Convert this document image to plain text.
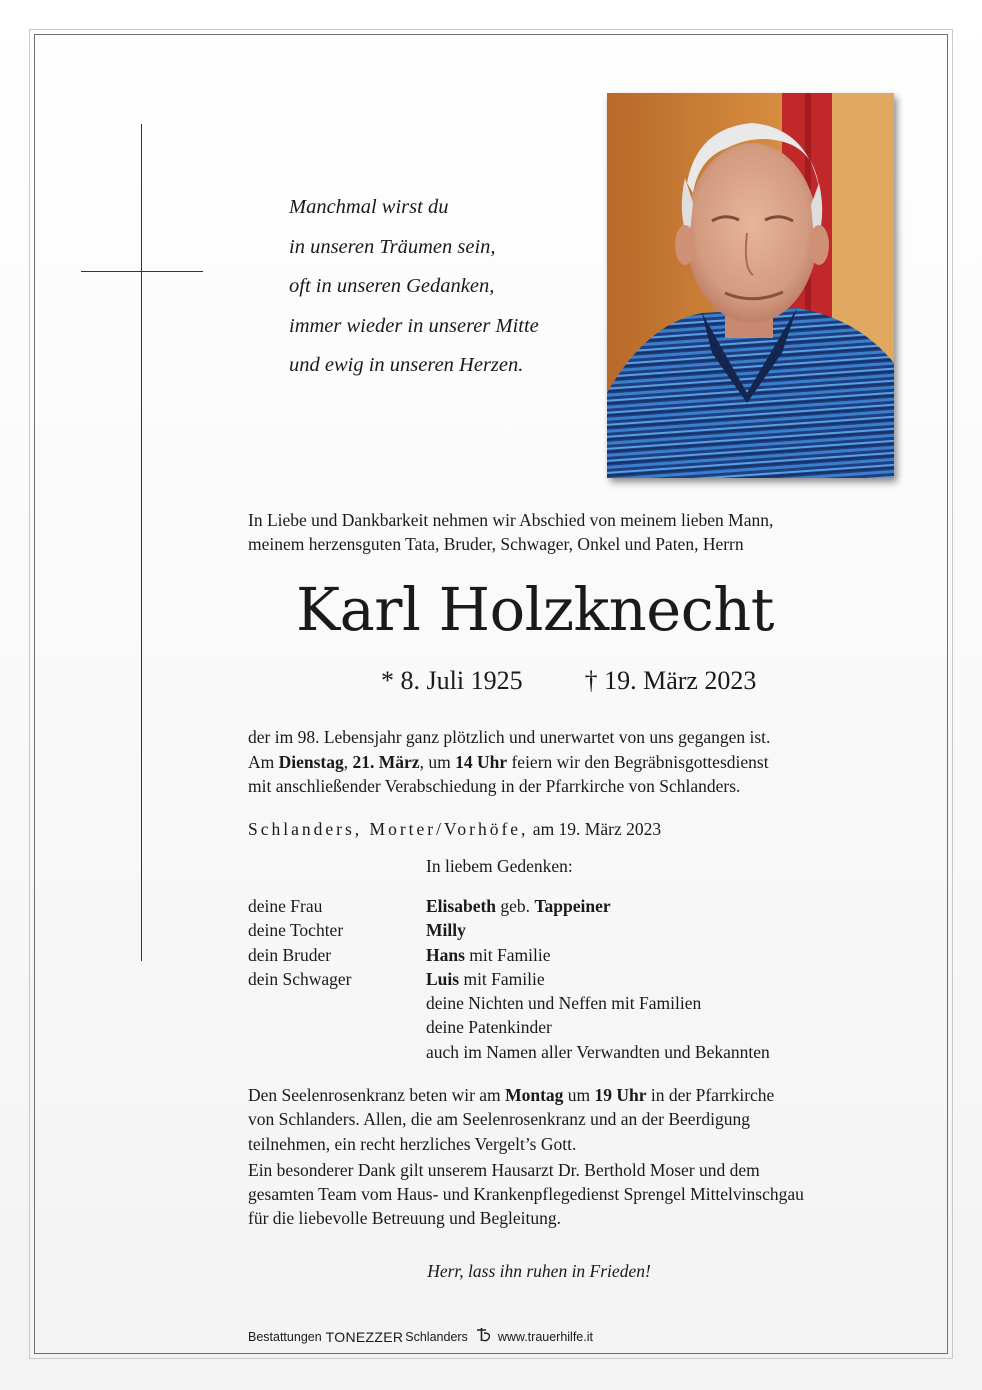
Manchmal wirst du
in unseren Träumen sein,
oft in unseren Gedanken,
immer wieder in unserer Mitte
und ewig in unseren Herzen.
In Liebe und Dankbarkeit nehmen wir Abschied von meinem lieben Mann,
meinem herzensguten Tata, Bruder, Schwager, Onkel und Paten, Herrn
Karl Holzknecht
* 8. Juli 1925 † 19. März 2023
der im 98. Lebensjahr ganz plötzlich und unerwartet von uns gegangen ist.
Am Dienstag, 21. März, um 14 Uhr feiern wir den Begräbnisgottesdienst
mit anschließender Verabschiedung in der Pfarrkirche von Schlanders.
Schlanders, Morter/Vorhöfe, am 19. März 2023
In liebem Gedenken:
deine Frau	Elisabeth geb. Tappeiner
deine Tochter	Milly
dein Bruder	Hans mit Familie
dein Schwager	Luis mit Familie
deine Nichten und Neffen mit Familien
deine Patenkinder
auch im Namen aller Verwandten und Bekannten

Den Seelenrosenkranz beten wir am Montag um 19 Uhr in der Pfarrkirche

von Schlanders. Allen, die am Seelenrosenkranz und an der Beerdigung

teilnehmen, ein recht herzliches Vergelt’s Gott.

Ein besonderer Dank gilt unserem Hausarzt Dr. Berthold Moser und dem

gesamten Team vom Haus- und Krankenpflegedienst Sprengel Mittelvinschgau

für die liebevolle Betreuung und Begleitung.

Herr, lass ihn ruhen in Frieden!
Bestattungen TONEZZER Schlanders www.trauerhilfe.it
